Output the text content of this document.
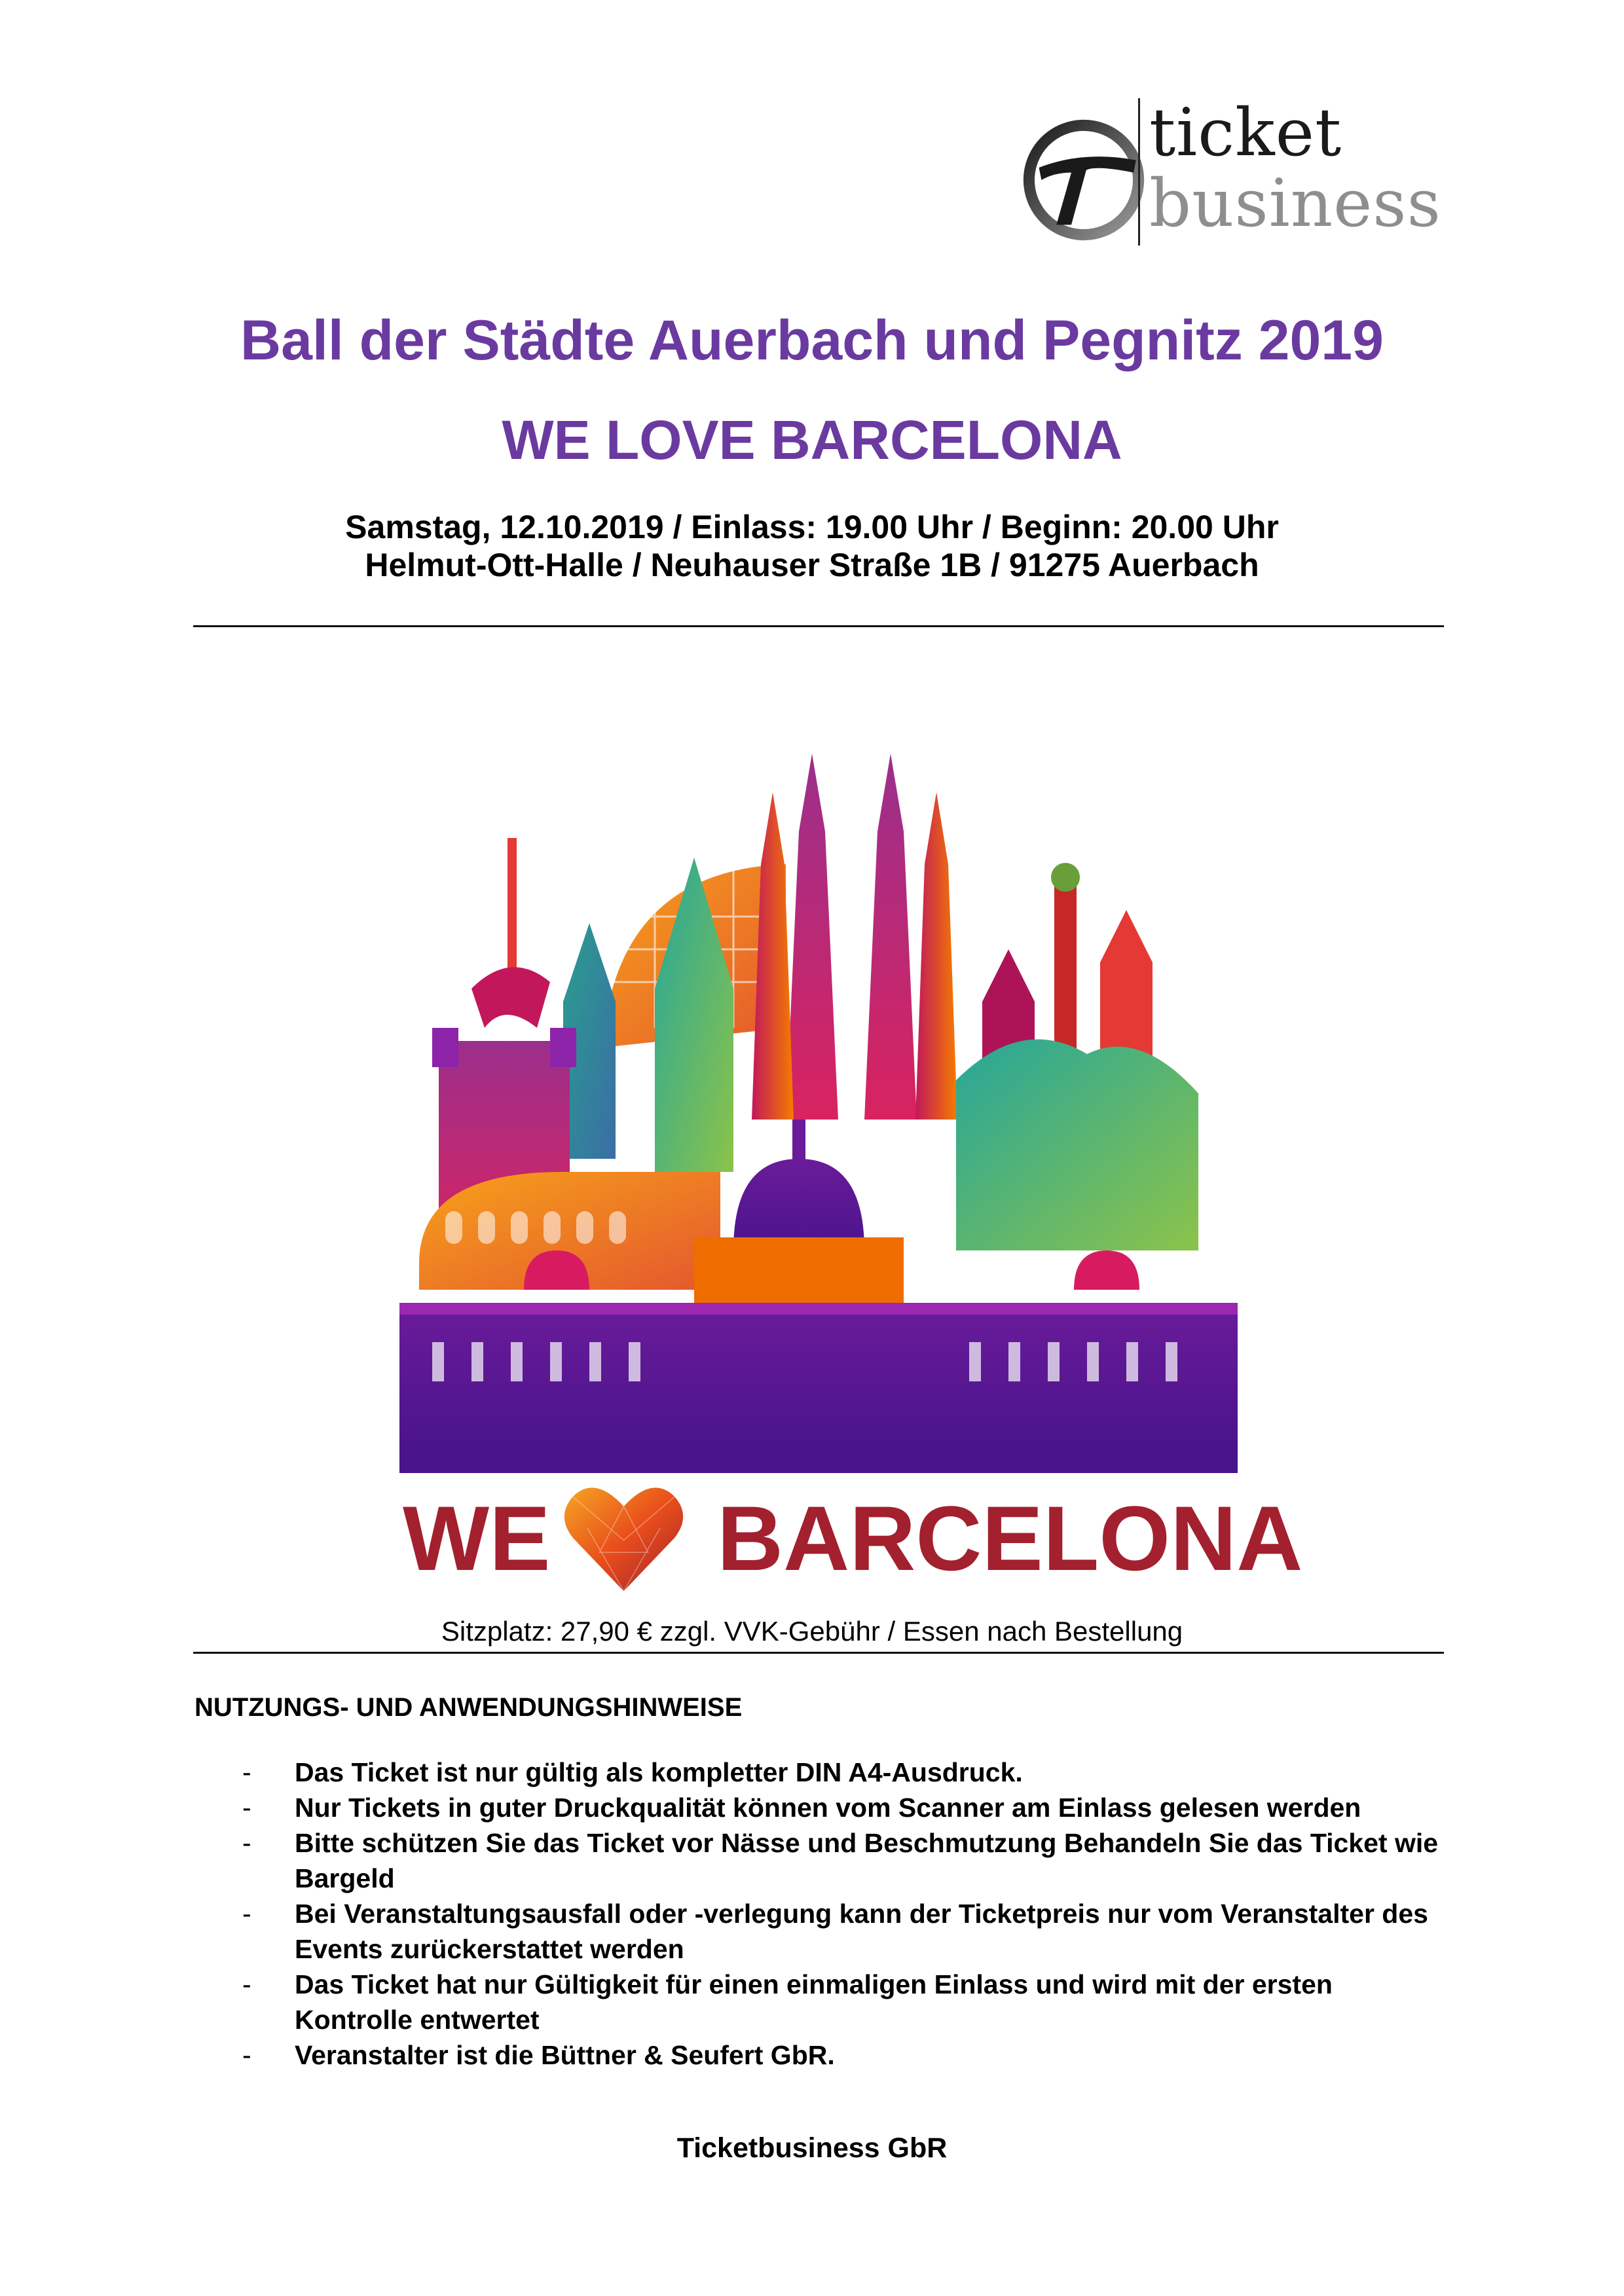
ticket
business
Ball der Städte Auerbach und Pegnitz 2019
WE LOVE BARCELONA
Samstag, 12.10.2019 / Einlass: 19.00 Uhr / Beginn: 20.00 Uhr
Helmut-Ott-Halle / Neuhauser Straße 1B / 91275 Auerbach
WE BARCELONA
Sitzplatz: 27,90 € zzgl. VVK-Gebühr / Essen nach Bestellung
NUTZUNGS- UND ANWENDUNGSHINWEISE
- Das Ticket ist nur gültig als kompletter DIN A4-Ausdruck.
- Nur Tickets in guter Druckqualität können vom Scanner am Einlass gelesen werden
- Bitte schützen Sie das Ticket vor Nässe und Beschmutzung Behandeln Sie das Ticket wie Bargeld
- Bei Veranstaltungsausfall oder -verlegung kann der Ticketpreis nur vom Veranstalter des Events zurückerstattet werden
- Das Ticket hat nur Gültigkeit für einen einmaligen Einlass und wird mit der ersten Kontrolle entwertet
- Veranstalter ist die Büttner & Seufert GbR.
Ticketbusiness GbR
